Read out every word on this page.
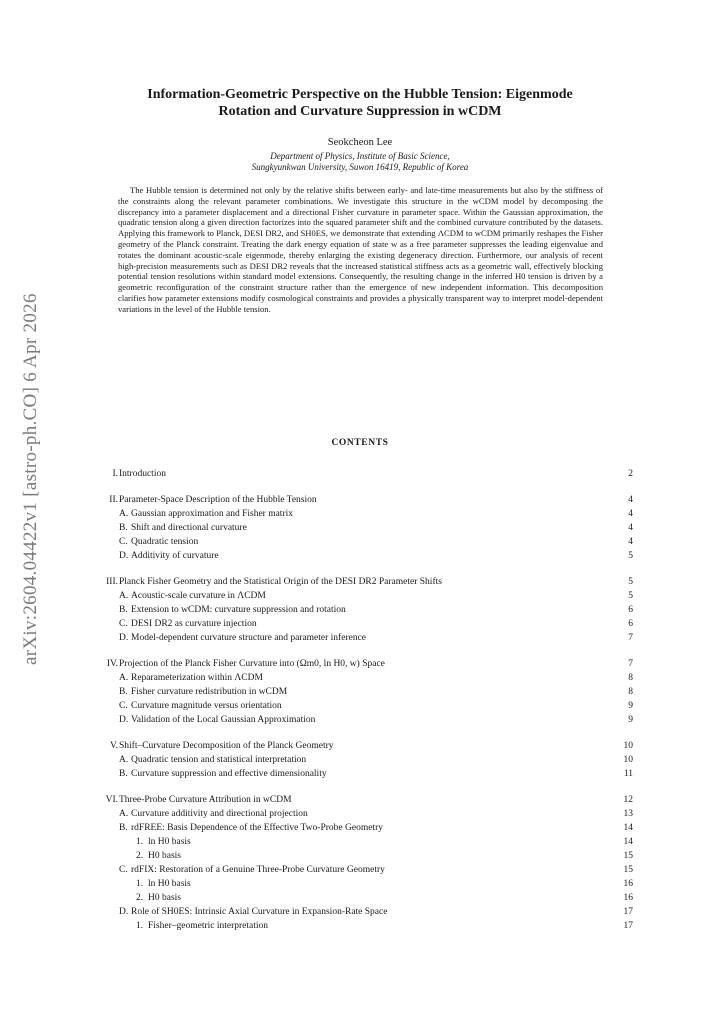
arXiv:2604.04422v1 [astro-ph.CO] 6 Apr 2026
Information-Geometric Perspective on the Hubble Tension: Eigenmode
Rotation and Curvature Suppression in wCDM
Seokcheon Lee
Department of Physics, Institute of Basic Science,
Sungkyunkwan University, Suwon 16419, Republic of Korea

The Hubble tension is determined not only by the relative shifts between early- and late-time measurements but also by the stiffness of the constraints along the relevant parameter combinations. We investigate this structure in the wCDM model by decomposing the discrepancy into a parameter displacement and a directional Fisher curvature in parameter space. Within the Gaussian approximation, the quadratic tension along a given direction factorizes into the squared parameter shift and the combined curvature contributed by the datasets. Applying this framework to Planck, DESI DR2, and SH0ES, we demonstrate that extending ΛCDM to wCDM primarily reshapes the Fisher geometry of the Planck constraint. Treating the dark energy equation of state w as a free parameter suppresses the leading eigenvalue and rotates the dominant acoustic-scale eigenmode, thereby enlarging the existing degeneracy direction. Furthermore, our analysis of recent high-precision measurements such as DESI DR2 reveals that the increased statistical stiffness acts as a geometric wall, effectively blocking potential tension resolutions within standard model extensions. Consequently, the resulting change in the inferred H0 tension is driven by a geometric reconfiguration of the constraint structure rather than the emergence of new independent information. This decomposition clarifies how parameter extensions modify cosmological constraints and provides a physically transparent way to interpret model-dependent variations in the level of the Hubble tension.

CONTENTS
I. Introduction	2
II. Parameter-Space Description of the Hubble Tension	4
A. Gaussian approximation and Fisher matrix	4
B. Shift and directional curvature	4
C. Quadratic tension	4
D. Additivity of curvature	5
III. Planck Fisher Geometry and the Statistical Origin of the DESI DR2 Parameter Shifts	5
A. Acoustic-scale curvature in ΛCDM	5
B. Extension to wCDM: curvature suppression and rotation	6
C. DESI DR2 as curvature injection	6
D. Model-dependent curvature structure and parameter inference	7
IV. Projection of the Planck Fisher Curvature into (Ωm0, ln H0, w) Space	7
A. Reparameterization within ΛCDM	8
B. Fisher curvature redistribution in wCDM	8
C. Curvature magnitude versus orientation	9
D. Validation of the Local Gaussian Approximation	9
V. Shift–Curvature Decomposition of the Planck Geometry	10
A. Quadratic tension and statistical interpretation	10
B. Curvature suppression and effective dimensionality	11
VI. Three-Probe Curvature Attribution in wCDM	12
A. Curvature additivity and directional projection	13
B. rdFREE: Basis Dependence of the Effective Two-Probe Geometry	14
1. ln H0 basis	14
2. H0 basis	15
C. rdFIX: Restoration of a Genuine Three-Probe Curvature Geometry	15
1. ln H0 basis	16
2. H0 basis	16
D. Role of SH0ES: Intrinsic Axial Curvature in Expansion-Rate Space	17
1. Fisher–geometric interpretation	17
